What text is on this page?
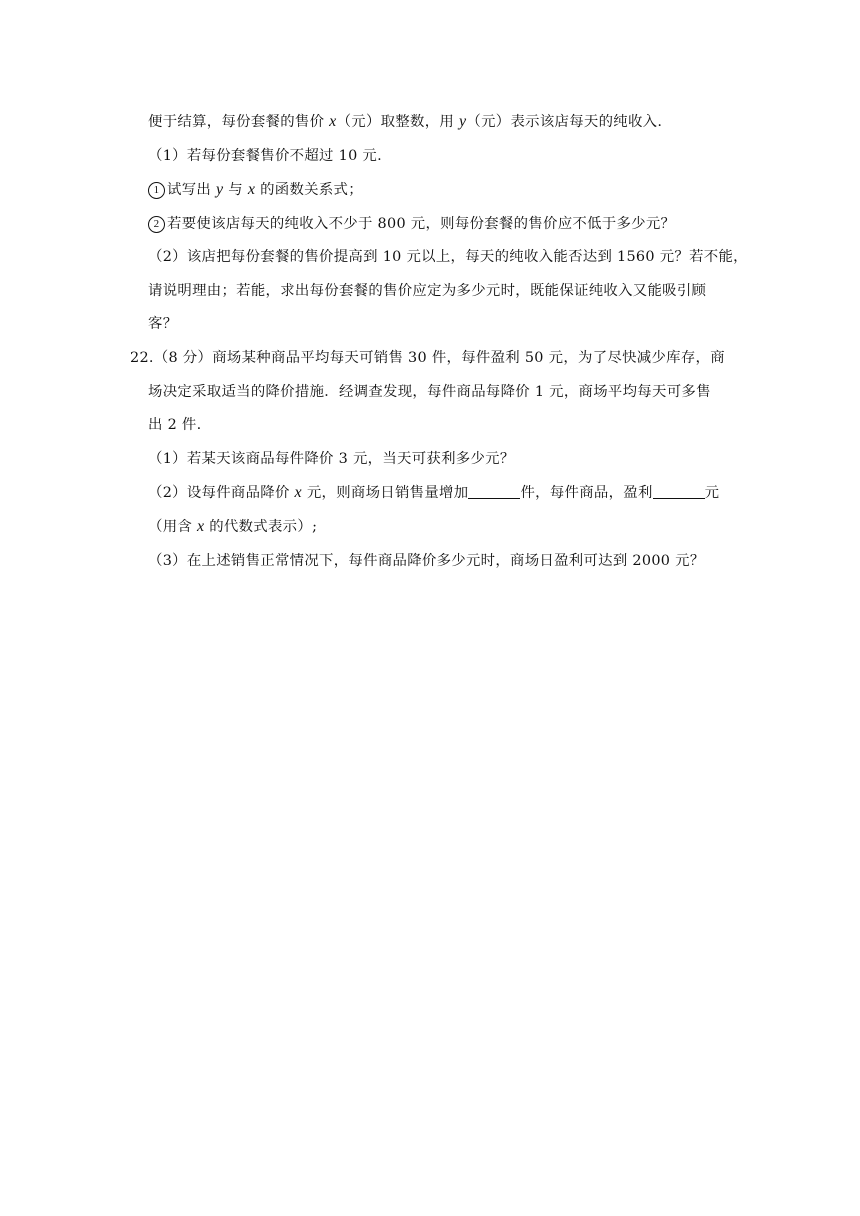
便于结算，每份套餐的售价 x（元）取整数，用 y（元）表示该店每天的纯收入.
（1）若每份套餐售价不超过 10 元.
1 试写出 y 与 x 的函数关系式；
2 若要使该店每天的纯收入不少于 800 元，则每份套餐的售价应不低于多少元？
（2）该店把每份套餐的售价提高到 10 元以上，每天的纯收入能否达到 1560 元？若不能，
请说明理由；若能，求出每份套餐的售价应定为多少元时，既能保证纯收入又能吸引顾
客？
22.（8 分）商场某种商品平均每天可销售 30 件，每件盈利 50 元，为了尽快减少库存，商
场决定采取适当的降价措施．经调查发现，每件商品每降价 1 元，商场平均每天可多售
出 2 件.
（1）若某天该商品每件降价 3 元，当天可获利多少元？
（2）设每件商品降价 x 元，则商场日销售量增加	件，每件商品，盈利	元
（用含 x 的代数式表示）;
（3）在上述销售正常情况下，每件商品降价多少元时，商场日盈利可达到 2000 元？
